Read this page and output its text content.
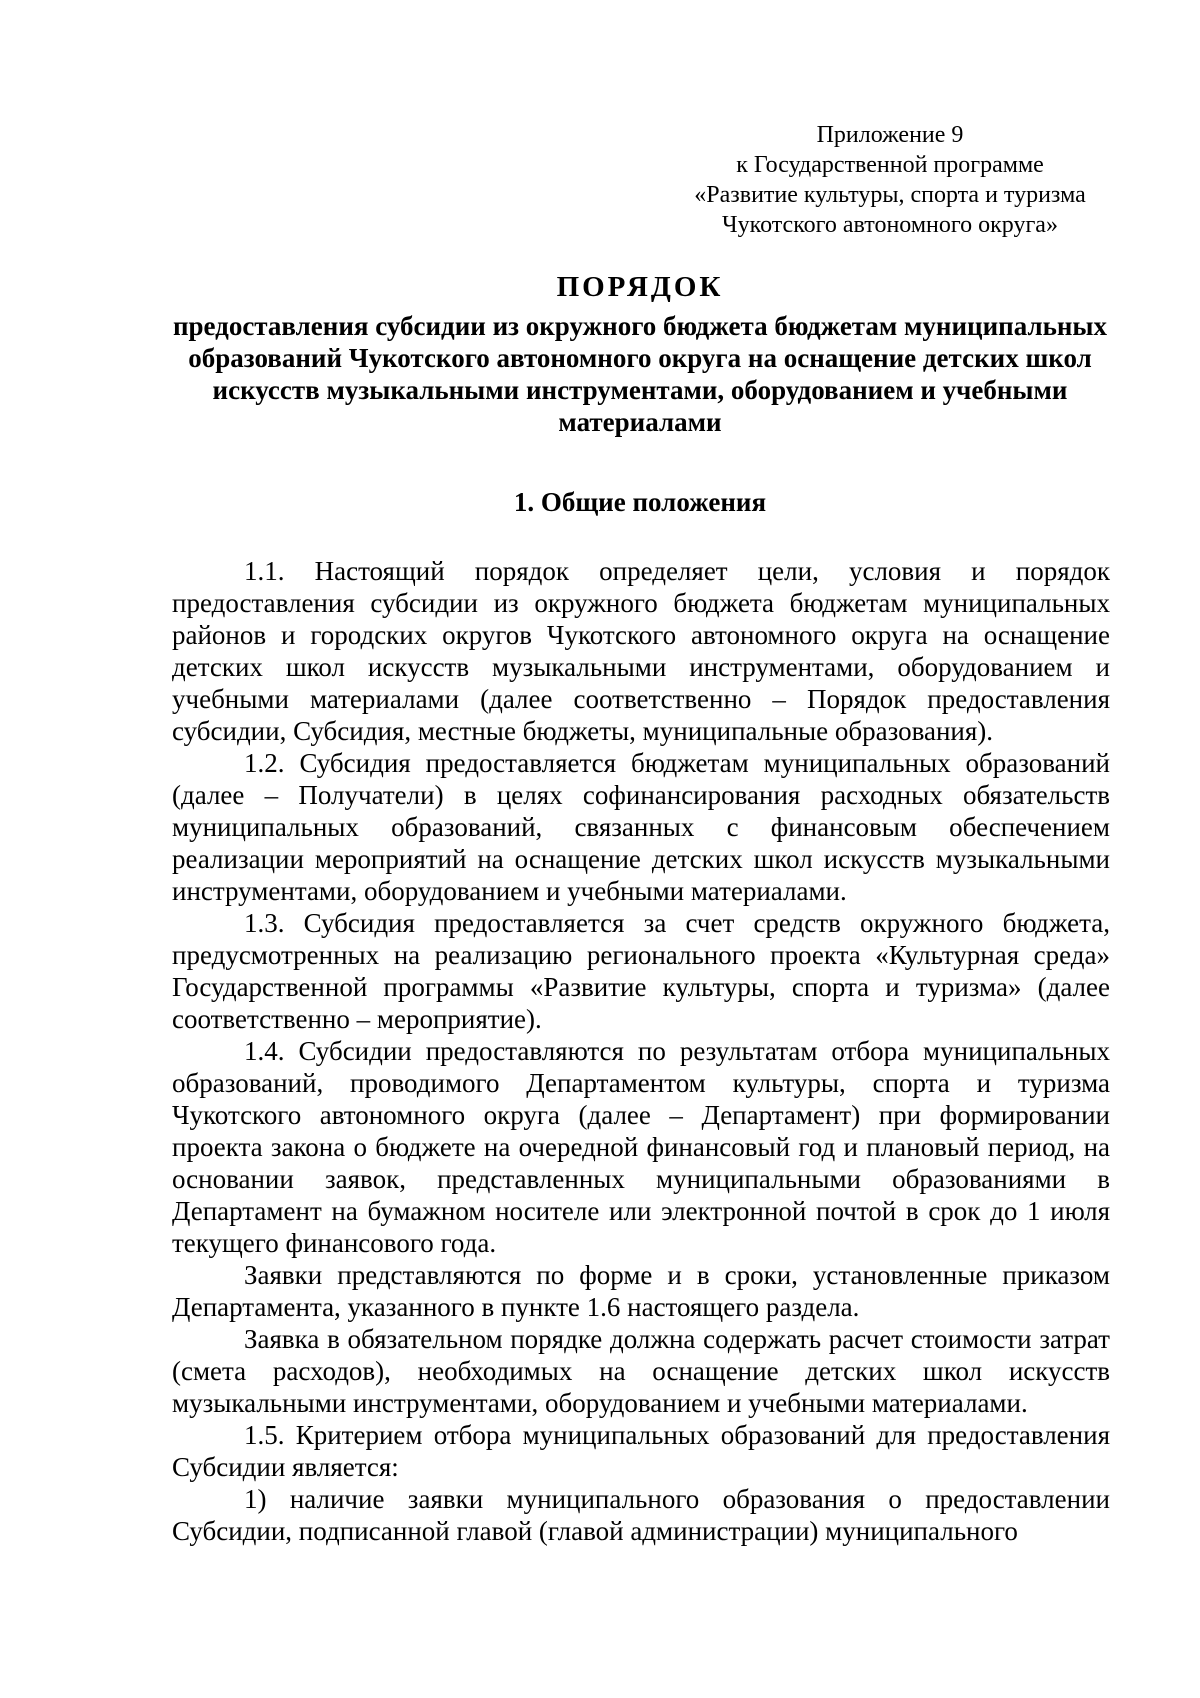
Приложение 9
к Государственной программе
«Развитие культуры, спорта и туризма
Чукотского автономного округа»

ПОРЯДОК

предоставления субсидии из окружного бюджета бюджетам муниципальных образований Чукотского автономного округа на оснащение детских школ искусств музыкальными инструментами, оборудованием и учебными материалами

1. Общие положения

1.1. Настоящий порядок определяет цели, условия и порядок предоставления субсидии из окружного бюджета бюджетам муниципальных районов и городских округов Чукотского автономного округа на оснащение детских школ искусств музыкальными инструментами, оборудованием и учебными материалами (далее соответственно – Порядок предоставления субсидии, Субсидия, местные бюджеты, муниципальные образования).

1.2. Субсидия предоставляется бюджетам муниципальных образований (далее – Получатели) в целях софинансирования расходных обязательств муниципальных образований, связанных с финансовым обеспечением реализации мероприятий на оснащение детских школ искусств музыкальными инструментами, оборудованием и учебными материалами.

1.3. Субсидия предоставляется за счет средств окружного бюджета, предусмотренных на реализацию регионального проекта «Культурная среда» Государственной программы «Развитие культуры, спорта и туризма» (далее соответственно – мероприятие).

1.4. Субсидии предоставляются по результатам отбора муниципальных образований, проводимого Департаментом культуры, спорта и туризма Чукотского автономного округа (далее – Департамент) при формировании проекта закона о бюджете на очередной финансовый год и плановый период, на основании заявок, представленных муниципальными образованиями в Департамент на бумажном носителе или электронной почтой в срок до 1 июля текущего финансового года.

Заявки представляются по форме и в сроки, установленные приказом Департамента, указанного в пункте 1.6 настоящего раздела.

Заявка в обязательном порядке должна содержать расчет стоимости затрат (смета расходов), необходимых на оснащение детских школ искусств музыкальными инструментами, оборудованием и учебными материалами.

1.5. Критерием отбора муниципальных образований для предоставления Субсидии является:

1) наличие заявки муниципального образования о предоставлении Субсидии, подписанной главой (главой администрации) муниципального
